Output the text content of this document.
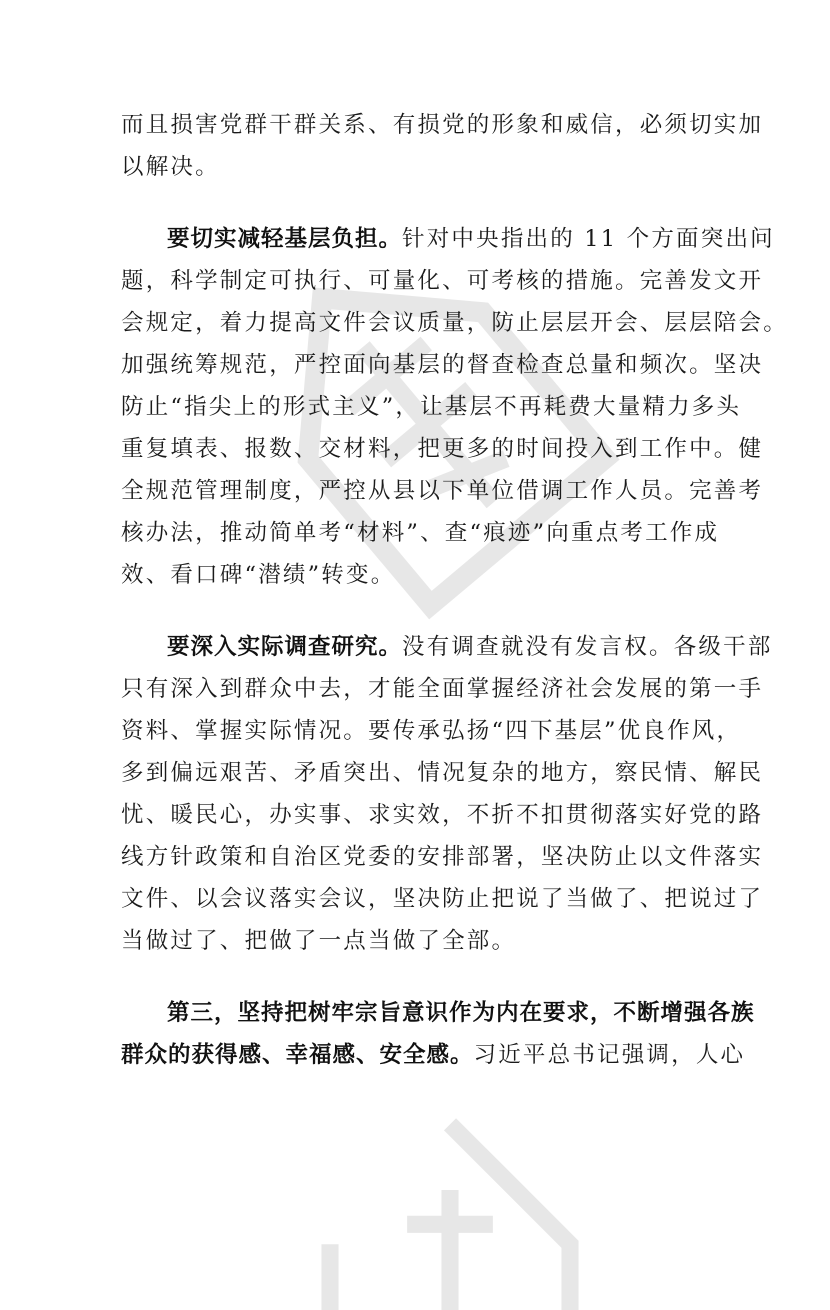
而且损害党群干群关系、有损党的形象和威信，必须切实加
以解决。

要切实减轻基层负担。针对中央指出的 11 个方面突出问
题，科学制定可执行、可量化、可考核的措施。完善发文开
会规定，着力提高文件会议质量，防止层层开会、层层陪会。
加强统筹规范，严控面向基层的督查检查总量和频次。坚决
防止“指尖上的形式主义”，让基层不再耗费大量精力多头
重复填表、报数、交材料，把更多的时间投入到工作中。健
全规范管理制度，严控从县以下单位借调工作人员。完善考
核办法，推动简单考“材料”、查“痕迹”向重点考工作成
效、看口碑“潜绩”转变。

要深入实际调查研究。没有调查就没有发言权。各级干部
只有深入到群众中去，才能全面掌握经济社会发展的第一手
资料、掌握实际情况。要传承弘扬“四下基层”优良作风，
多到偏远艰苦、矛盾突出、情况复杂的地方，察民情、解民
忧、暖民心，办实事、求实效，不折不扣贯彻落实好党的路
线方针政策和自治区党委的安排部署，坚决防止以文件落实
文件、以会议落实会议，坚决防止把说了当做了、把说过了
当做过了、把做了一点当做了全部。

第三，坚持把树牢宗旨意识作为内在要求，不断增强各族
群众的获得感、幸福感、安全感。习近平总书记强调，人心
